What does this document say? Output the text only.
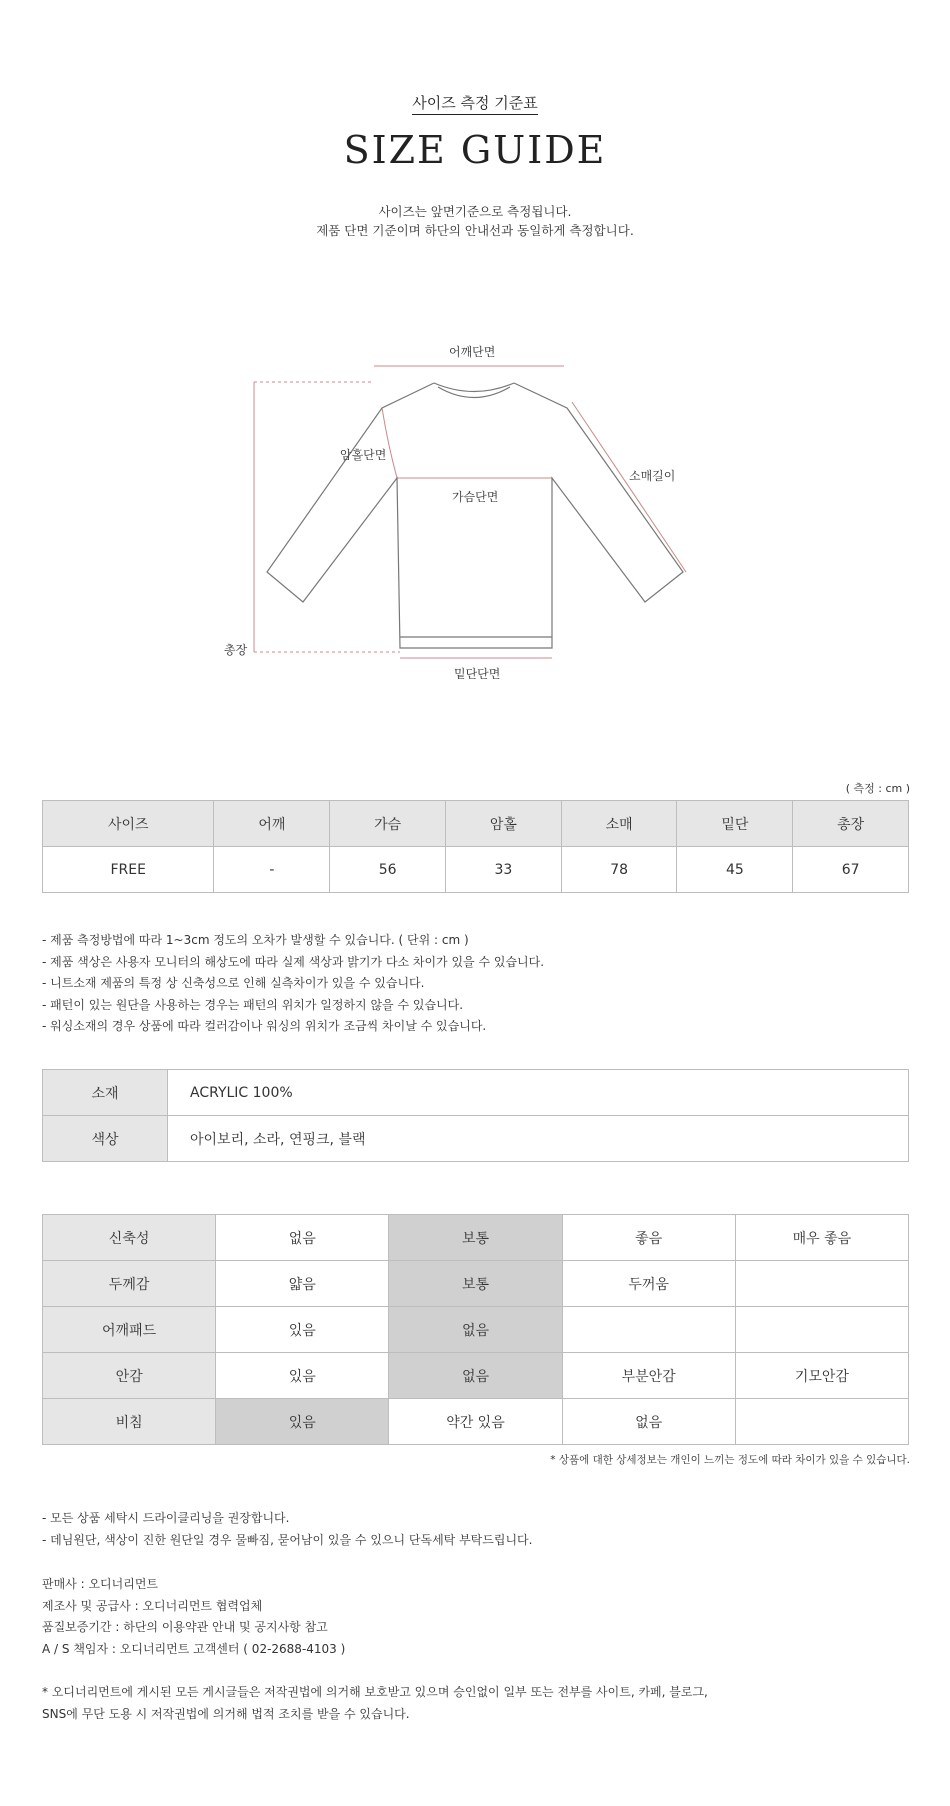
사이즈 측정 기준표
SIZE GUIDE
사이즈는 앞면기준으로 측정됩니다.
제품 단면 기준이며 하단의 안내선과 동일하게 측정합니다.
어깨단면
암홀단면
가슴단면
소매길이
총장
밑단단면
( 측정 : cm )
사이즈	어깨	가슴	암홀	소매	밑단	총장
FREE	-	56	33	78	45	67
- 제품 측정방법에 따라 1~3cm 정도의 오차가 발생할 수 있습니다. ( 단위 : cm )
- 제품 색상은 사용자 모니터의 해상도에 따라 실제 색상과 밝기가 다소 차이가 있을 수 있습니다.
- 니트소재 제품의 특정 상 신축성으로 인해 실측차이가 있을 수 있습니다.
- 패턴이 있는 원단을 사용하는 경우는 패턴의 위치가 일정하지 않을 수 있습니다.
- 워싱소재의 경우 상품에 따라 컬러감이나 워싱의 위치가 조금씩 차이날 수 있습니다.
소재	ACRYLIC 100%
색상	아이보리, 소라, 연핑크, 블랙
신축성	없음	보통	좋음	매우 좋음
두께감	얇음	보통	두꺼움	
어깨패드	있음	없음		
안감	있음	없음	부분안감	기모안감
비침	있음	약간 있음	없음	
* 상품에 대한 상세정보는 개인이 느끼는 정도에 따라 차이가 있을 수 있습니다.
- 모든 상품 세탁시 드라이클리닝을 권장합니다.
- 데님원단, 색상이 진한 원단일 경우 물빠짐, 묻어남이 있을 수 있으니 단독세탁 부탁드립니다.
판매사 : 오디너리먼트
제조사 및 공급사 : 오디너리먼트 협력업체
품질보증기간 : 하단의 이용약관 안내 및 공지사항 참고
A / S 책임자 : 오디너리먼트 고객센터 ( 02-2688-4103 )
* 오디너리먼트에 게시된 모든 게시글들은 저작권법에 의거해 보호받고 있으며 승인없이 일부 또는 전부를 사이트, 카페, 블로그,
SNS에 무단 도용 시 저작권법에 의거해 법적 조치를 받을 수 있습니다.
